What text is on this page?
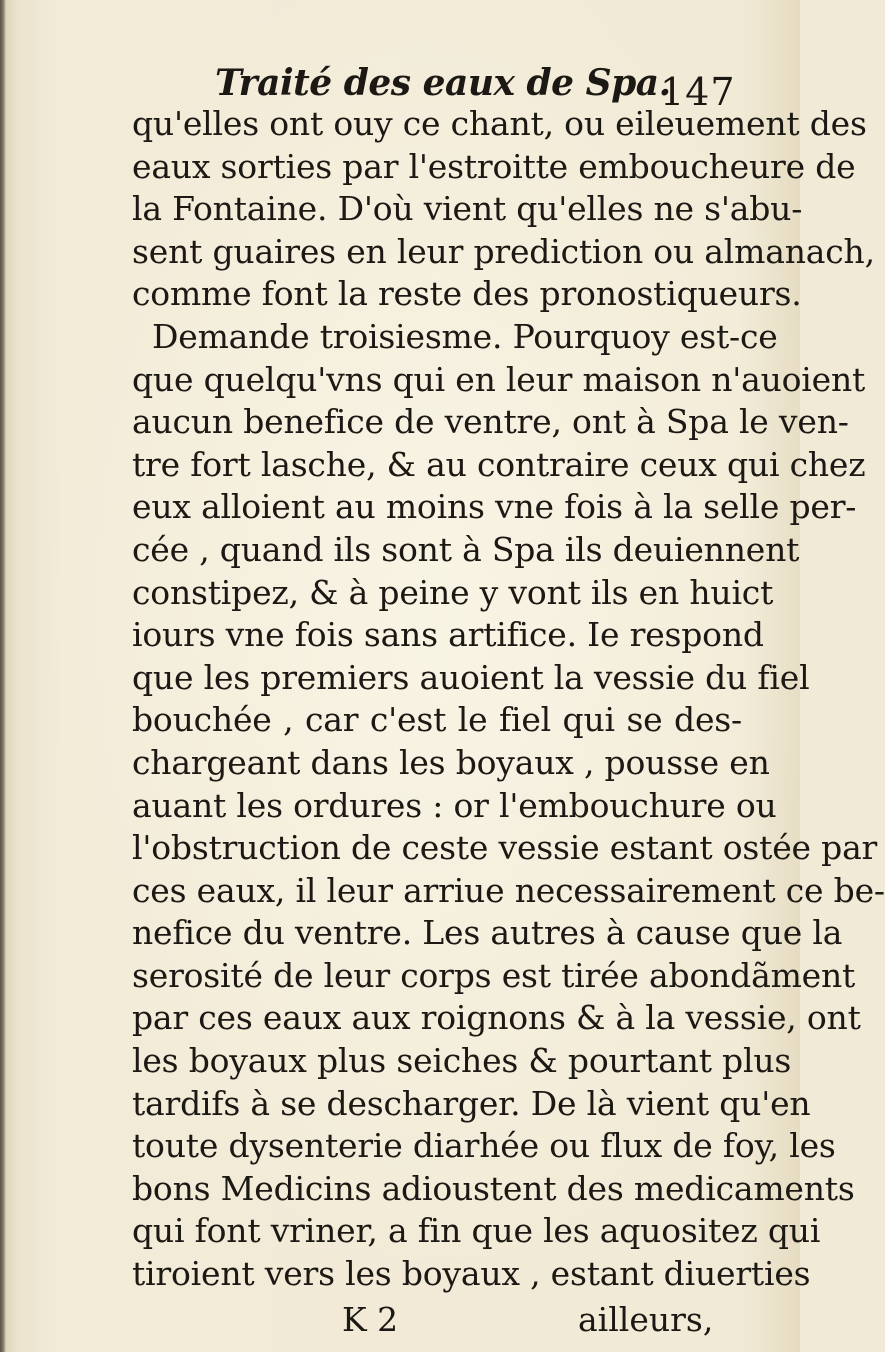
Traité des eaux de Spa.
147
qu'elles ont ouy ce chant, ou eileuement des
eaux sorties par l'estroitte emboucheure de
la Fontaine. D'où vient qu'elles ne s'abu-
sent guaires en leur prediction ou almanach,
comme font la reste des pronostiqueurs.
Demande troisiesme. Pourquoy est-ce
que quelqu'vns qui en leur maison n'auoient
aucun benefice de ventre, ont à Spa le ven-
tre fort lasche, & au contraire ceux qui chez
eux alloient au moins vne fois à la selle per-
cée , quand ils sont à Spa ils deuiennent
constipez, & à peine y vont ils en huict
iours vne fois sans artifice. Ie respond
que les premiers auoient la vessie du fiel
bouchée , car c'est le fiel qui se des-
chargeant dans les boyaux , pousse en
auant les ordures : or l'embouchure ou
l'obstruction de ceste vessie estant ostée par
ces eaux, il leur arriue necessairement ce be-
nefice du ventre. Les autres à cause que la
serosité de leur corps est tirée abondãment
par ces eaux aux roignons & à la vessie, ont
les boyaux plus seiches & pourtant plus
tardifs à se descharger. De là vient qu'en
toute dysenterie diarhée ou flux de foy, les
bons Medicins adioustent des medicaments
qui font vriner, a fin que les aquositez qui
tiroient vers les boyaux , estant diuerties
K 2	ailleurs,
